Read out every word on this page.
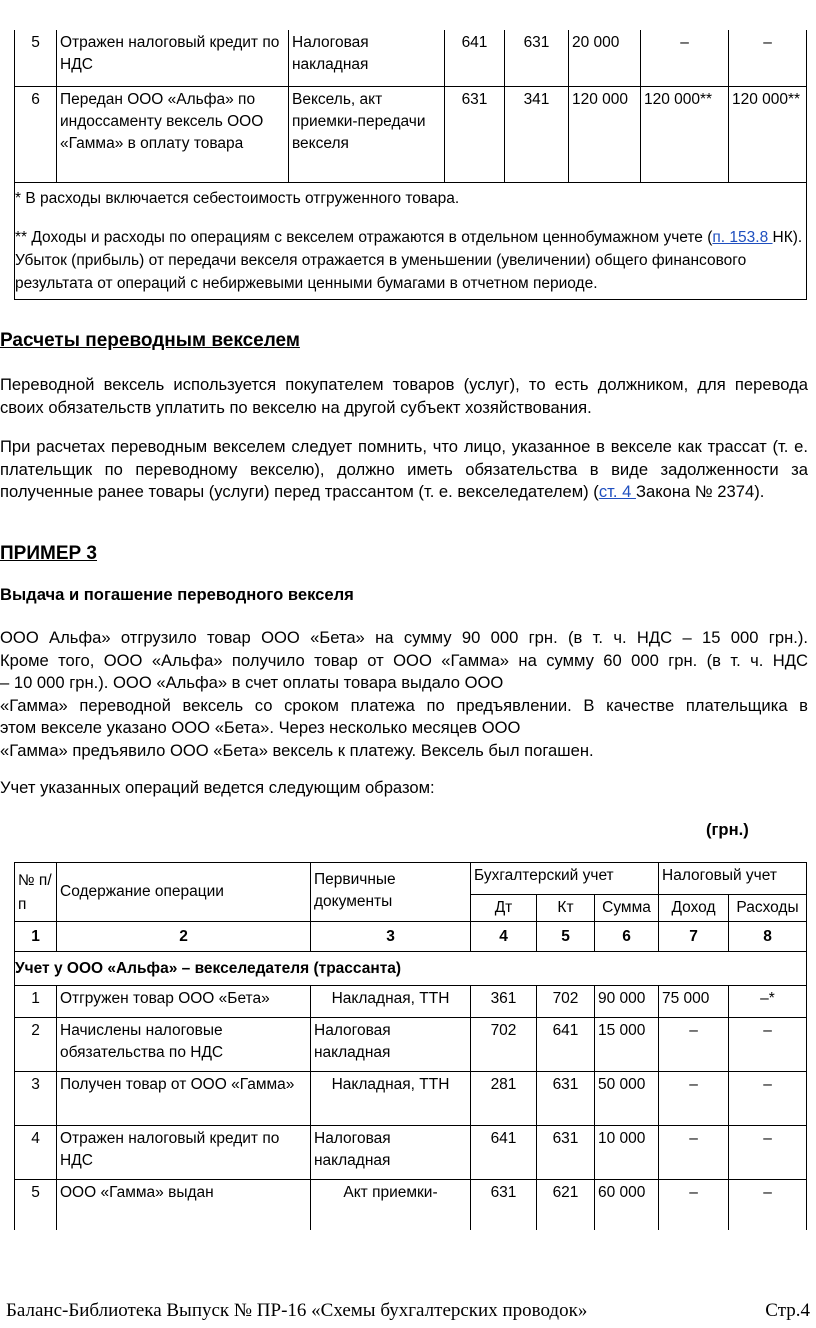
5	Отражен налоговый кредит по НДС	Налоговая накладная	641	631	20 000	–	–
6	Передан ООО «Альфа» по индоссаменту вексель ООО «Гамма» в оплату товара	Вексель, акт приемки-передачи векселя	631	341	120 000	120 000**	120 000**

* В расходы включается себестоимость отгруженного товара.

** Доходы и расходы по операциям с векселем отражаются в отдельном ценнобумажном учете (п. 153.8 НК). Убыток (прибыль) от передачи векселя отражается в уменьшении (увеличении) общего финансового результата от операций с небиржевыми ценными бумагами в отчетном периоде.							

Расчеты переводным векселем
Переводной вексель используется покупателем товаров (услуг), то есть должником, для перевода своих обязательств уплатить по векселю на другой субъект хозяйствования.
При расчетах переводным векселем следует помнить, что лицо, указанное в векселе как трассат (т. е. плательщик по переводному векселю), должно иметь обязательства в виде задолженности за полученные ранее товары (услуги) перед трассантом (т. е. векселедателем) (ст. 4 Закона № 2374).
ПРИМЕР 3
Выдача и погашение переводного векселя
ООО Альфа» отгрузило товар ООО «Бета» на сумму 90 000 грн. (в т. ч. НДС – 15 000 грн.).
Кроме того, ООО «Альфа» получило товар от ООО «Гамма» на сумму 60 000 грн. (в т. ч. НДС
– 10 000 грн.). ООО «Альфа» в счет оплаты товара выдало ООО
«Гамма» переводной вексель со сроком платежа по предъявлении. В качестве плательщика в
этом векселе указано ООО «Бета». Через несколько месяцев ООО
«Гамма» предъявило ООО «Бета» вексель к платежу. Вексель был погашен.
Учет указанных операций ведется следующим образом:
(грн.)
№ п/п	Содержание операции	Первичные документы	Бухгалтерский учет			Налоговый учет	
			Дт	Кт	Сумма	Доход	Расходы
1	2	3	4	5	6	7	8
Учет у ООО «Альфа» – векселедателя (трассанта)							
1	Отгружен товар ООО «Бета»	Накладная, ТТН	361	702	90 000	75 000	–*
2	Начислены налоговые обязательства по НДС	Налоговая накладная	702	641	15 000	–	–
3	Получен товар от ООО «Гамма»	Накладная, ТТН	281	631	50 000	–	–
4	Отражен налоговый кредит по НДС	Налоговая накладная	641	631	10 000	–	–
5	ООО «Гамма» выдан	Акт приемки-	631	621	60 000	–	–
Баланс-Библиотека Выпуск № ПР-16 «Схемы бухгалтерских проводок»	Стр.4
